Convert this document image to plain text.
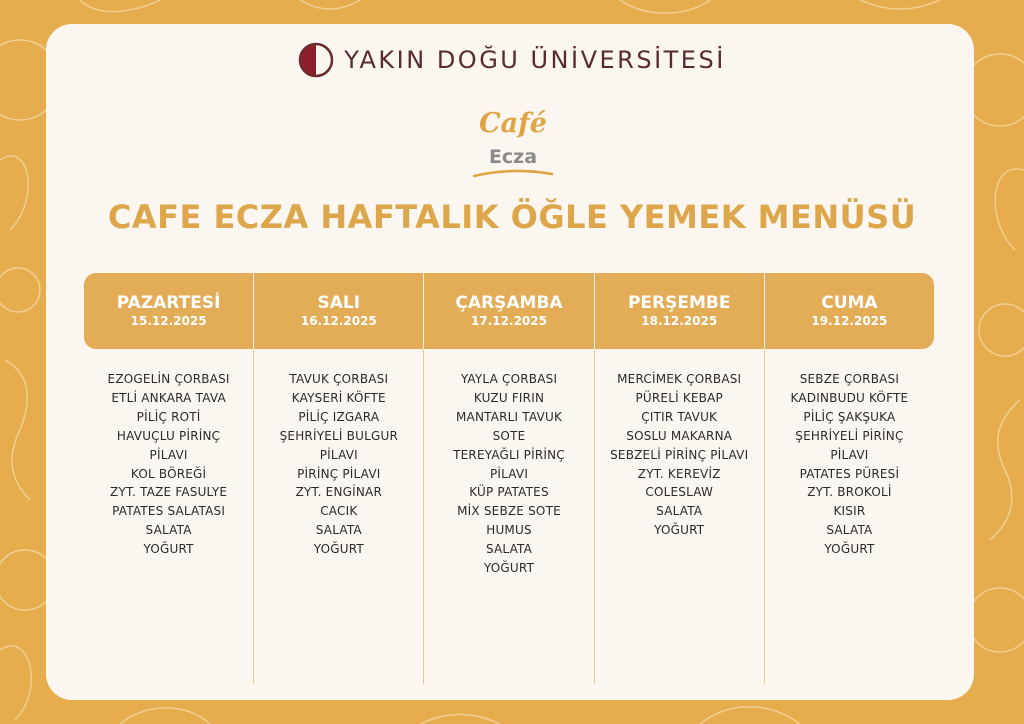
YAKIN DOĞU ÜNİVERSİTESİ
Café
Ecza
CAFE ECZA HAFTALIK ÖĞLE YEMEK MENÜSÜ
PAZARTESİ
15.12.2025
SALI
16.12.2025
ÇARŞAMBA
17.12.2025
PERŞEMBE
18.12.2025
CUMA
19.12.2025
EZOGELİN ÇORBASI
ETLİ ANKARA TAVA
PİLİÇ ROTİ
HAVUÇLU PİRİNÇ
PİLAVI
KOL BÖREĞİ
ZYT. TAZE FASULYE
PATATES SALATASI
SALATA
YOĞURT
TAVUK ÇORBASI
KAYSERİ KÖFTE
PİLİÇ IZGARA
ŞEHRİYELİ BULGUR
PİLAVI
PİRİNÇ PİLAVI
ZYT. ENGİNAR
CACIK
SALATA
YOĞURT
YAYLA ÇORBASI
KUZU FIRIN
MANTARLI TAVUK
SOTE
TEREYAĞLI PİRİNÇ
PİLAVI
KÜP PATATES
MİX SEBZE SOTE
HUMUS
SALATA
YOĞURT
MERCİMEK ÇORBASI
PÜRELİ KEBAP
ÇITIR TAVUK
SOSLU MAKARNA
SEBZELİ PİRİNÇ PİLAVI
ZYT. KEREVİZ
COLESLAW
SALATA
YOĞURT
SEBZE ÇORBASI
KADINBUDU KÖFTE
PİLİÇ ŞAKŞUKA
ŞEHRİYELİ PİRİNÇ
PİLAVI
PATATES PÜRESİ
ZYT. BROKOLİ
KISIR
SALATA
YOĞURT
